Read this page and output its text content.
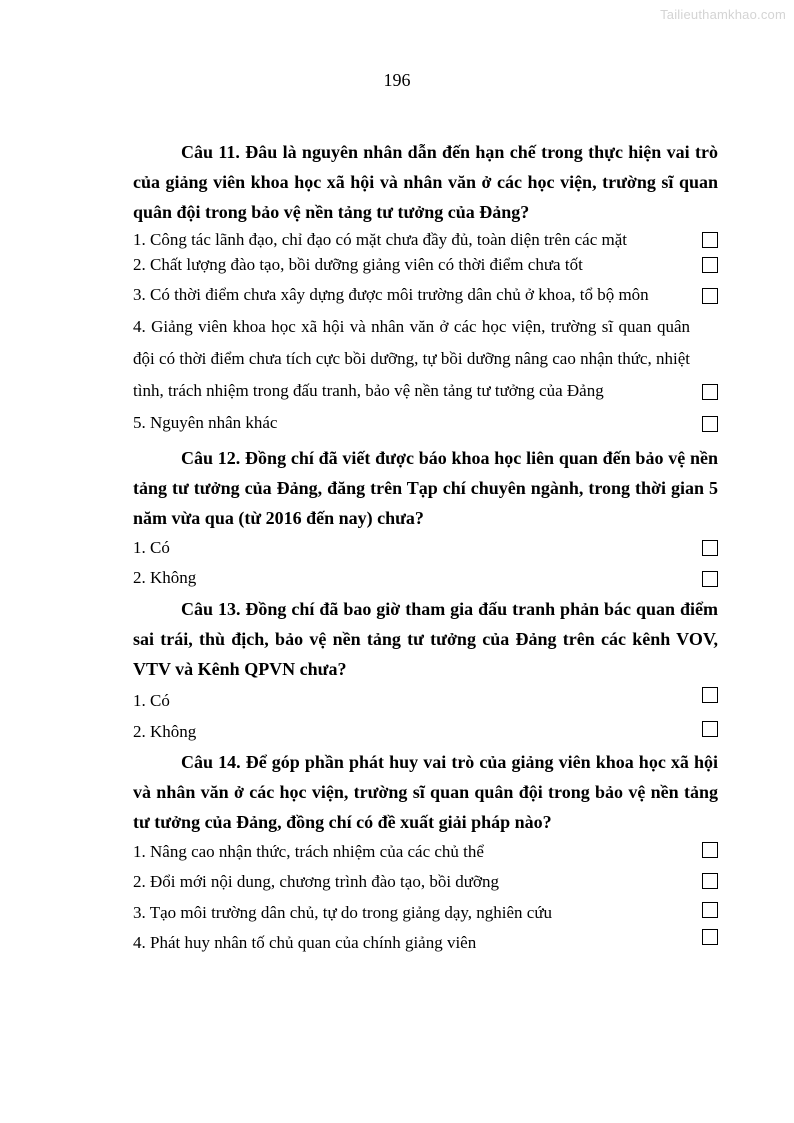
Tailieuthamkhao.com
196

Câu 11. Đâu là nguyên nhân dẫn đến hạn chế trong thực hiện vai trò của giảng viên khoa học xã hội và nhân văn ở các học viện, trường sĩ quan quân đội trong bảo vệ nền tảng tư tưởng của Đảng?

1. Công tác lãnh đạo, chỉ đạo có mặt chưa đầy đủ, toàn diện trên các mặt

2. Chất lượng đào tạo, bồi dưỡng giảng viên có thời điểm chưa tốt

3. Có thời điểm chưa xây dựng được môi trường dân chủ ở khoa, tổ bộ môn

4. Giảng viên khoa học xã hội và nhân văn ở các học viện, trường sĩ quan quân đội có thời điểm chưa tích cực bồi dưỡng, tự bồi dưỡng nâng cao nhận thức, nhiệt tình, trách nhiệm trong đấu tranh, bảo vệ nền tảng tư tưởng của Đảng

5. Nguyên nhân khác

Câu 12. Đồng chí đã viết được báo khoa học liên quan đến bảo vệ nền tảng tư tưởng của Đảng, đăng trên Tạp chí chuyên ngành, trong thời gian 5 năm vừa qua (từ 2016 đến nay) chưa?

1. Có

2. Không

Câu 13. Đồng chí đã bao giờ tham gia đấu tranh phản bác quan điểm sai trái, thù địch, bảo vệ nền tảng tư tưởng của Đảng trên các kênh VOV, VTV và Kênh QPVN chưa?

1. Có

2. Không

Câu 14. Để góp phần phát huy vai trò của giảng viên khoa học xã hội và nhân văn ở các học viện, trường sĩ quan quân đội trong bảo vệ nền tảng tư tưởng của Đảng, đồng chí có đề xuất giải pháp nào?

1. Nâng cao nhận thức, trách nhiệm của các chủ thể

2. Đổi mới nội dung, chương trình đào tạo, bồi dưỡng

3. Tạo môi trường dân chủ, tự do trong giảng dạy, nghiên cứu

4. Phát huy nhân tố chủ quan của chính giảng viên
